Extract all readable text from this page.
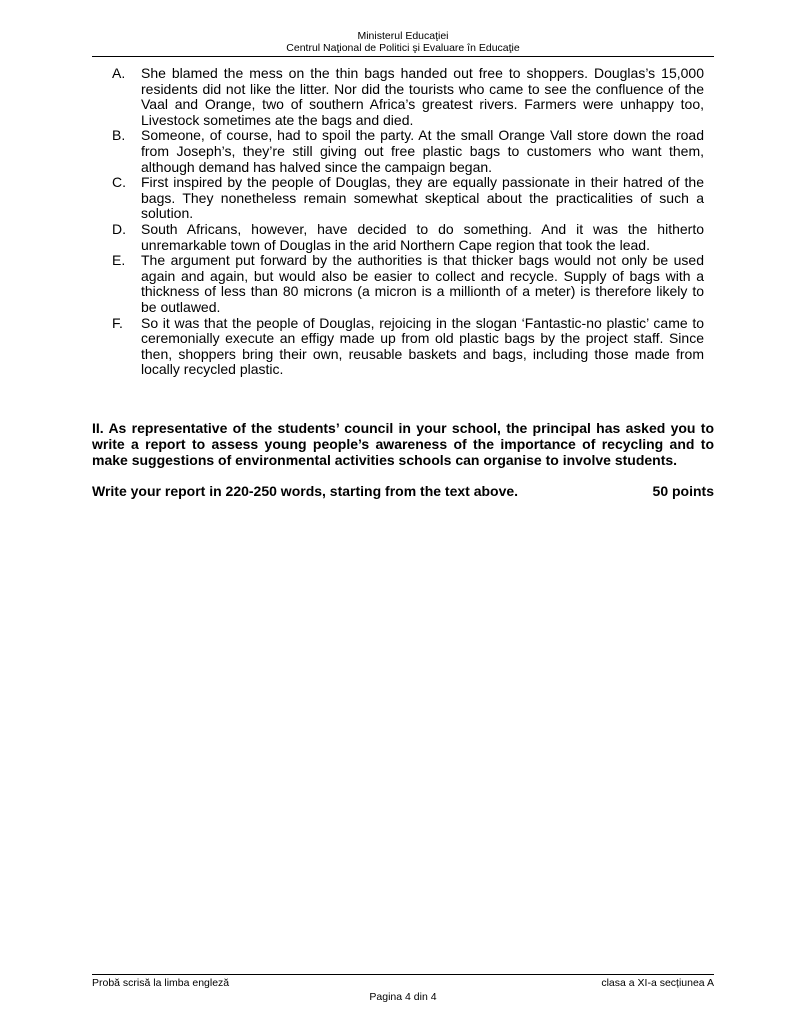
Ministerul Educaţiei
Centrul Naţional de Politici şi Evaluare în Educaţie
A. She blamed the mess on the thin bags handed out free to shoppers. Douglas’s 15,000 residents did not like the litter. Nor did the tourists who came to see the confluence of the Vaal and Orange, two of southern Africa’s greatest rivers. Farmers were unhappy too, Livestock sometimes ate the bags and died.
B. Someone, of course, had to spoil the party. At the small Orange Vall store down the road from Joseph’s, they’re still giving out free plastic bags to customers who want them, although demand has halved since the campaign began.
C. First inspired by the people of Douglas, they are equally passionate in their hatred of the bags. They nonetheless remain somewhat skeptical about the practicalities of such a solution.
D. South Africans, however, have decided to do something. And it was the hitherto unremarkable town of Douglas in the arid Northern Cape region that took the lead.
E. The argument put forward by the authorities is that thicker bags would not only be used again and again, but would also be easier to collect and recycle. Supply of bags with a thickness of less than 80 microns (a micron is a millionth of a meter) is therefore likely to be outlawed.
F. So it was that the people of Douglas, rejoicing in the slogan ‘Fantastic-no plastic’ came to ceremonially execute an effigy made up from old plastic bags by the project staff. Since then, shoppers bring their own, reusable baskets and bags, including those made from locally recycled plastic.

II. As representative of the students’ council in your school, the principal has asked you to write a report to assess young people’s awareness of the importance of recycling and to make suggestions of environmental activities schools can organise to involve students.

Write your report in 220-250 words, starting from the text above.	50 points
Probă scrisă la limba engleză	clasa a XI-a secțiunea A
Pagina 4 din 4
